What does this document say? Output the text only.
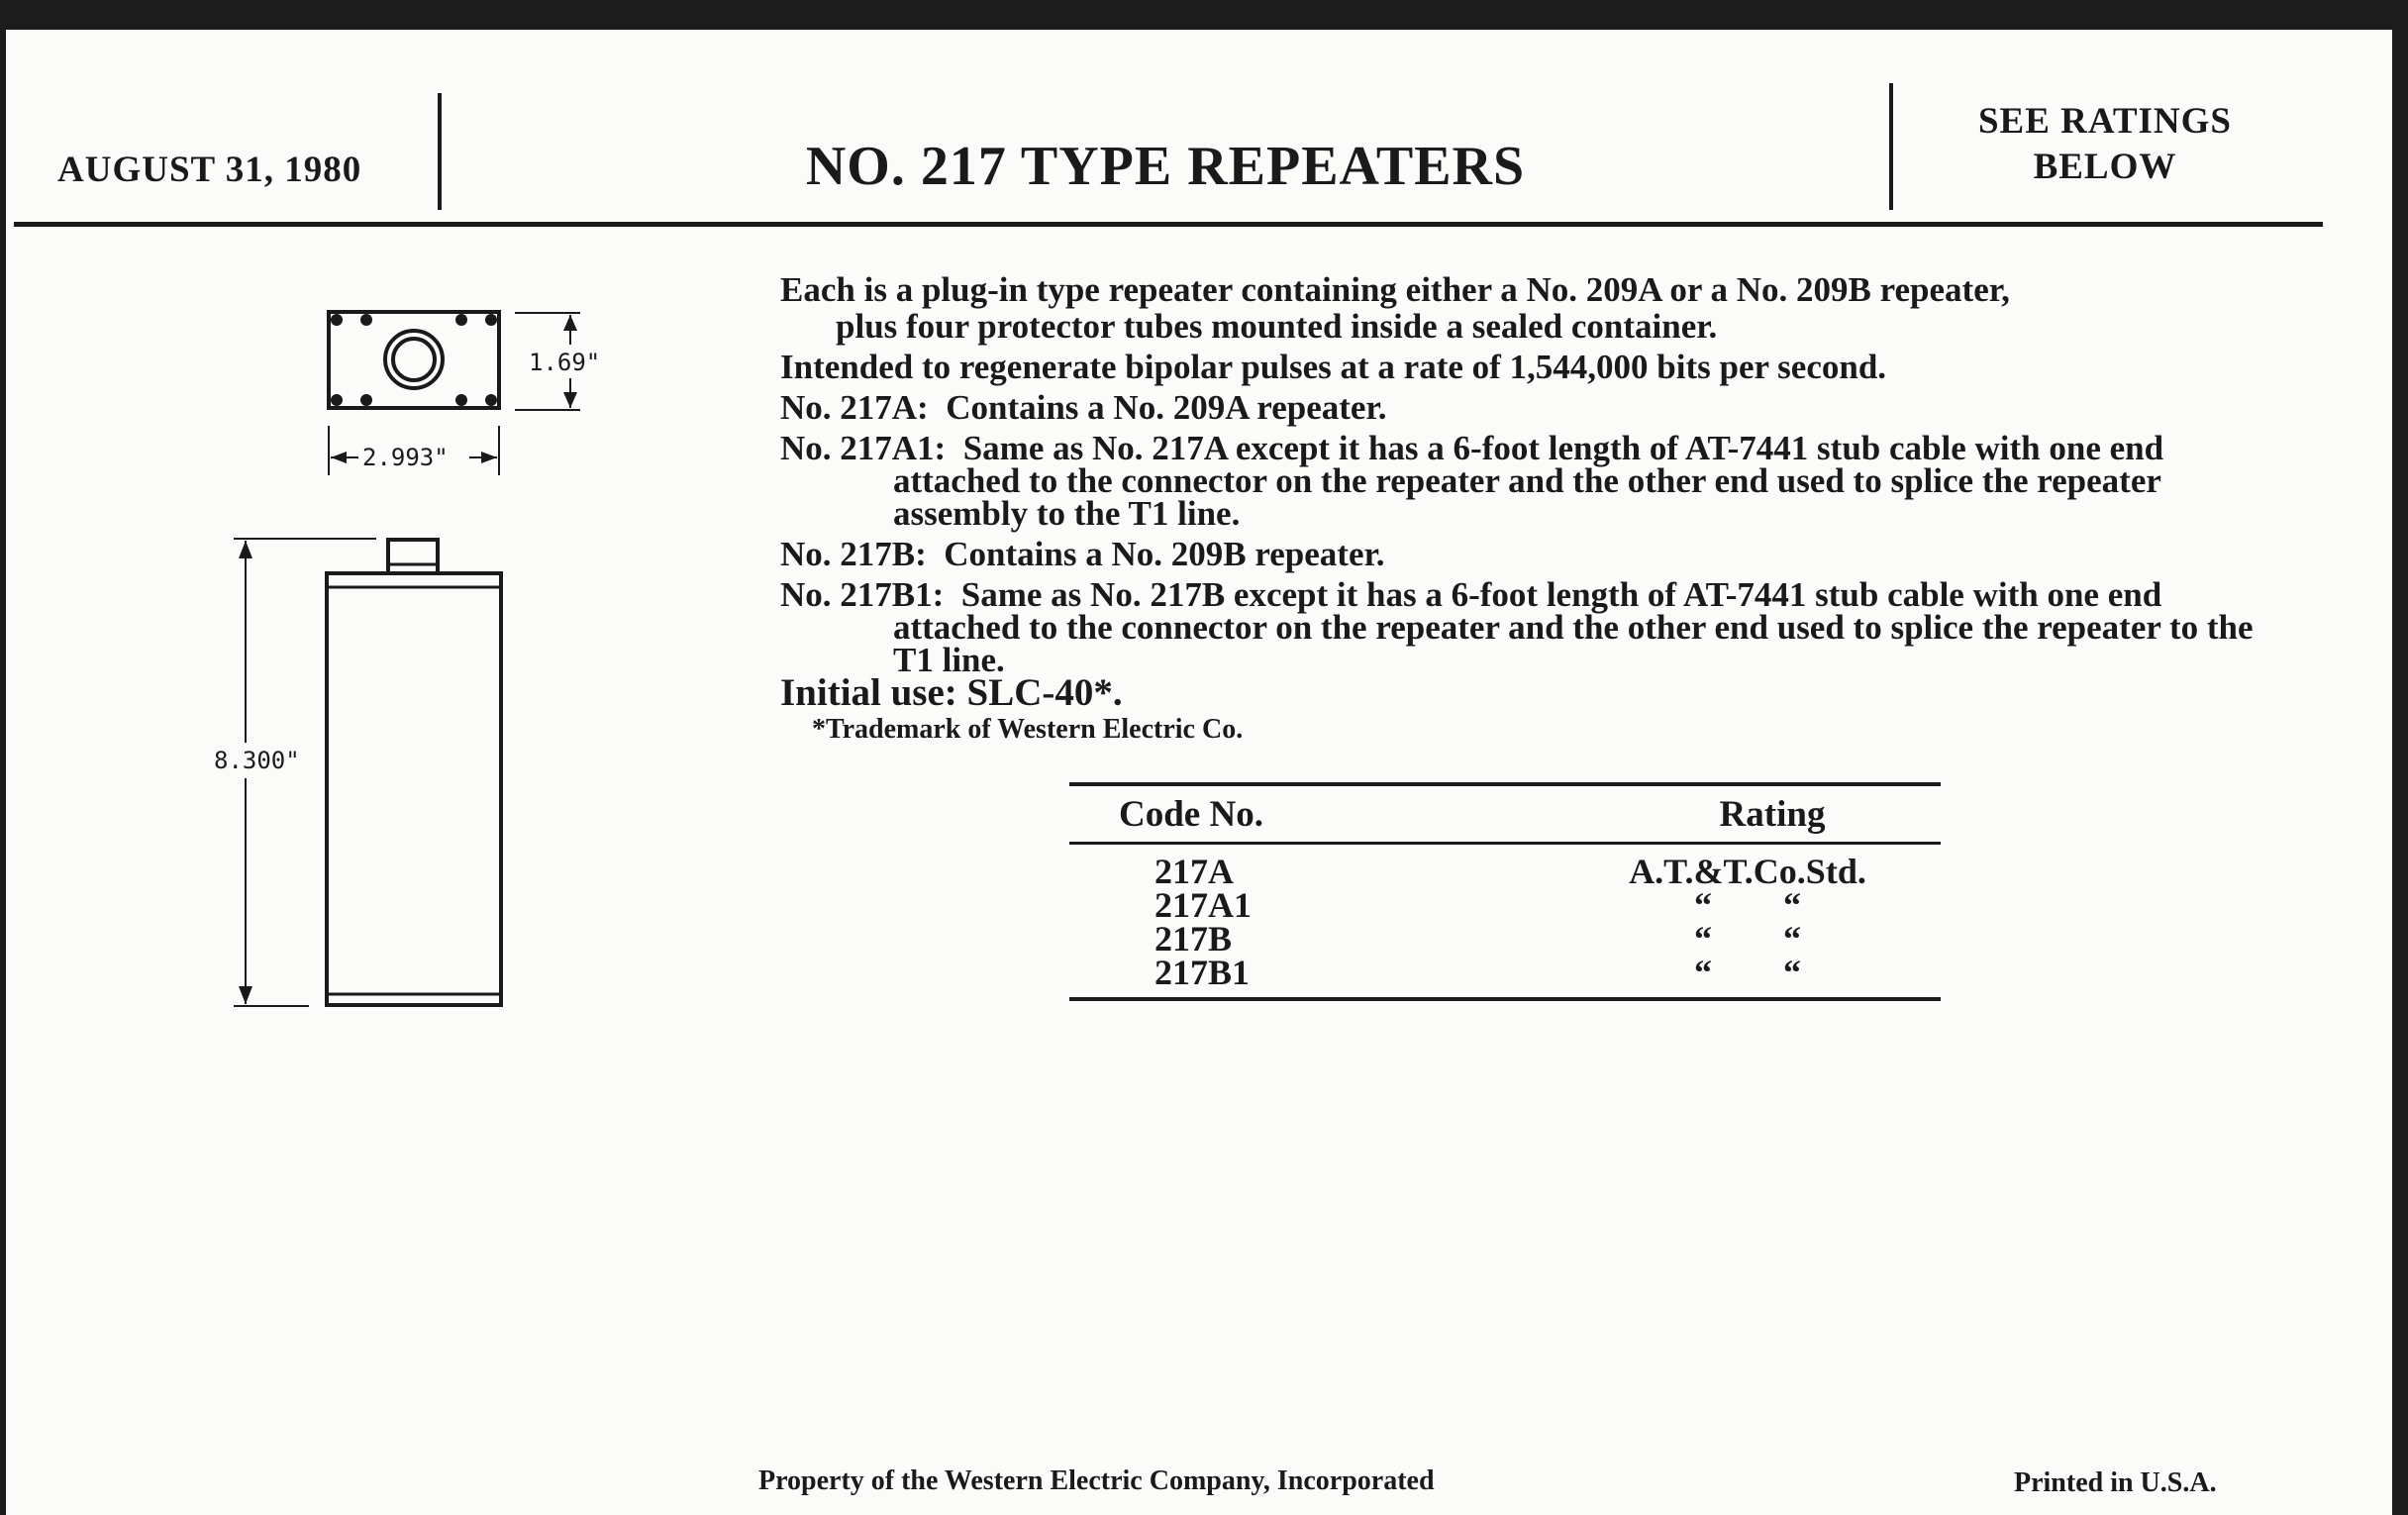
AUGUST 31, 1980	NO. 217 TYPE REPEATERS
SEE RATINGS
BELOW
1.69"
2.993"
8.300"
Each is a plug-in type repeater containing either a No. 209A or a No. 209B repeater,
plus four protector tubes mounted inside a sealed container.
Intended to regenerate bipolar pulses at a rate of 1,544,000 bits per second.
No. 217A: Contains a No. 209A repeater.
No. 217A1: Same as No. 217A except it has a 6-foot length of AT-7441 stub cable with one end attached to the connector on the repeater and the other end used to splice the repeater assembly to the T1 line.
No. 217B: Contains a No. 209B repeater.
No. 217B1: Same as No. 217B except it has a 6-foot length of AT-7441 stub cable with one end attached to the connector on the repeater and the other end used to splice the repeater to the T1 line.
Initial use: SLC-40*.
*Trademark of Western Electric Co.
Code No.	Rating
217A	A.T.&T.Co.Std.
217A1	“        “
217B	“        “
217B1	“        “
Property of the Western Electric Company, Incorporated	Printed in U.S.A.
